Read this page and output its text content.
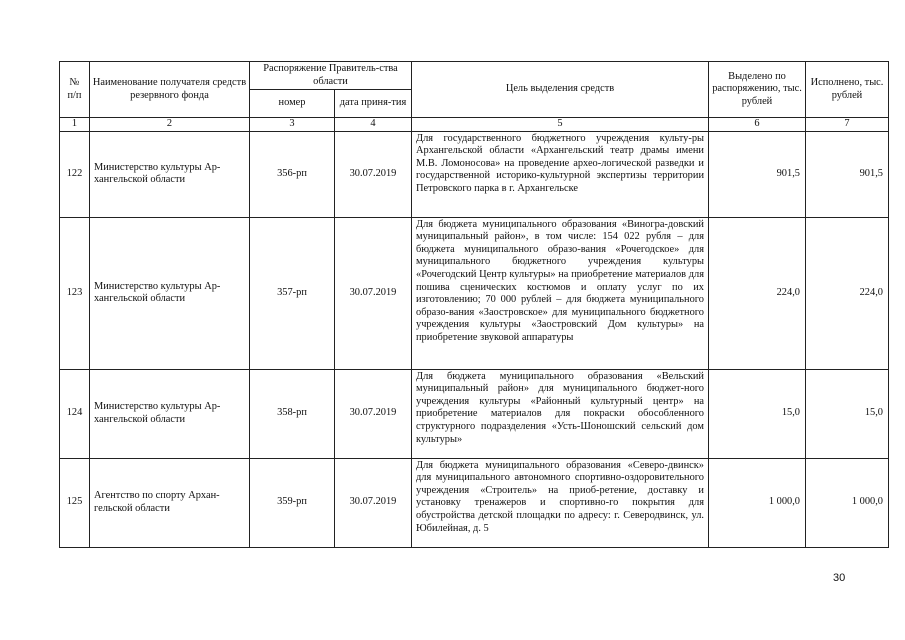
№
п/п	Наименование получателя средств резервного фонда	Распоряжение Правитель-ства области		Цель выделения средств	Выделено по распоряжению, тыс. рублей	Исполнено, тыс. рублей
		номер	дата приня-тия			
1	2	3	4	5	6	7
122	Министерство культуры Ар-хангельской области	356-рп	30.07.2019	Для государственного бюджетного учреждения культу-ры Архангельской области «Архангельский театр драмы имени М.В. Ломоносова» на проведение архео-логической разведки и государственной историко-культурной экспертизы территории Петровского парка в г. Архангельске	901,5	901,5
123	Министерство культуры Ар-хангельской области	357-рп	30.07.2019	Для бюджета муниципального образования «Виногра-довский муниципальный район», в том числе: 154 022 рубля – для бюджета муниципального образо-вания «Рочегодское» для муниципального бюджетного учреждения культуры «Рочегодский Центр культуры» на приобретение материалов для пошива сценических костюмов и оплату услуг по их изготовлению; 70 000 рублей – для бюджета муниципального образо-вания «Заостровское» для муниципального бюджетного учреждения культуры «Заостровский Дом культуры» на приобретение звуковой аппаратуры	224,0	224,0
124	Министерство культуры Ар-хангельской области	358-рп	30.07.2019	Для бюджета муниципального образования «Вельский муниципальный район» для муниципального бюджет-ного учреждения культуры «Районный культурный центр» на приобретение материалов для покраски обособленного структурного подразделения «Усть-Шоношский сельский дом культуры»	15,0	15,0
125	Агентство по спорту Архан-гельской области	359-рп	30.07.2019	Для бюджета муниципального образования «Северо-двинск» для муниципального автономного спортивно-оздоровительного учреждения «Строитель» на приоб-ретение, доставку и установку тренажеров и спортивно-го покрытия для обустройства детской площадки по адресу: г. Северодвинск, ул. Юбилейная, д. 5	1 000,0	1 000,0
30
